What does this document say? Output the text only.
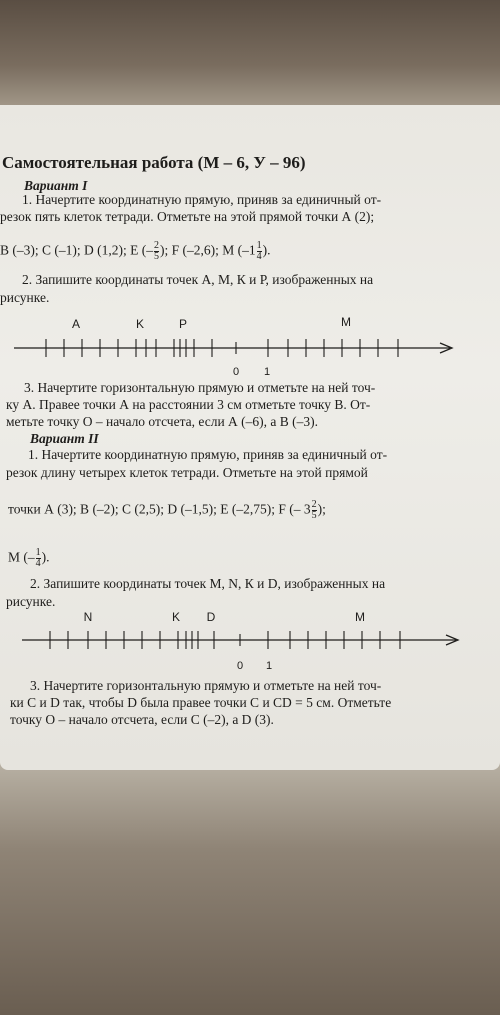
Самостоятельная работа (М – 6, У – 96)
Вариант I
1. Начертите координатную прямую, приняв за единичный от-
резок пять клеток тетради. Отметьте на этой прямой точки А (2);
В (–3); С (–1); D (1,2); Е (– $\frac{2}{5}$ ); F (–2,6); М ($-1 \frac{1}{4}$ ).
2. Запишите координаты точек А, М, К и Р, изображенных на
рисунке.
A	K	P	M
0 1
3. Начертите горизонтальную прямую и отметьте на ней точ-
ку А. Правее точки А на расстоянии 3 см отметьте точку В. От-
метьте точку О – начало отсчета, если А (–6), а В (–3).
Вариант II
1. Начертите координатную прямую, приняв за единичный от-
резок длину четырех клеток тетради. Отметьте на этой прямой
точки А (3); В (–2); С (2,5); D (–1,5); Е (–2,75); F (– $3 \frac{2}{5}$ );
М (– $\frac{1}{4}$ ).
2. Запишите координаты точек М, N, К и D, изображенных на
рисунке.
N	K D	M
0 1
3. Начертите горизонтальную прямую и отметьте на ней точ-
ки С и D так, чтобы D была правее точки С и СD = 5 см. Отметьте
точку О – начало отсчета, если С (–2), а D (3).
